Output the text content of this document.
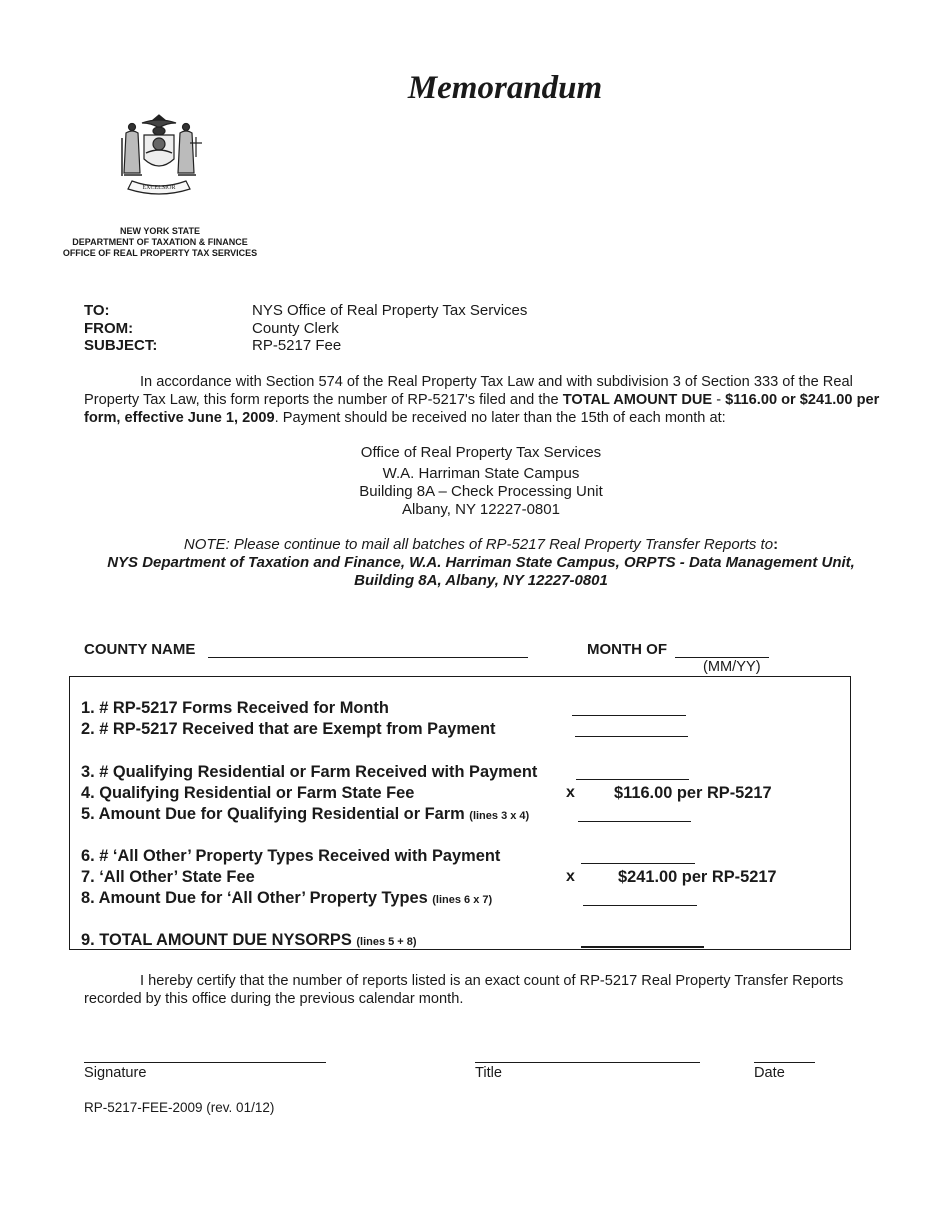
Memorandum
EXCELSIOR
NEW YORK STATE
DEPARTMENT OF TAXATION & FINANCE
OFFICE OF REAL PROPERTY TAX SERVICES
TO:	NYS Office of Real Property Tax Services
FROM:	County Clerk
SUBJECT:	RP-5217 Fee
In accordance with Section 574 of the Real Property Tax Law and with subdivision 3 of Section 333 of the Real Property Tax Law, this form reports the number of RP-5217's filed and the TOTAL AMOUNT DUE - $116.00 or $241.00 per form, effective June 1, 2009. Payment should be received no later than the 15th of each month at:
Office of Real Property Tax Services
W.A. Harriman State Campus
Building 8A – Check Processing Unit
Albany, NY 12227-0801
NOTE: Please continue to mail all batches of RP-5217 Real Property Transfer Reports to:
NYS Department of Taxation and Finance, W.A. Harriman State Campus, ORPTS - Data Management Unit,
Building 8A, Albany, NY 12227-0801
COUNTY NAME	MONTH OF
(MM/YY)
1. # RP-5217 Forms Received for Month
2. # RP-5217 Received that are Exempt from Payment
3. # Qualifying Residential or Farm Received with Payment
4. Qualifying Residential or Farm State Fee	x $116.00 per RP-5217
5. Amount Due for Qualifying Residential or Farm (lines 3 x 4)
6. # ‘All Other’ Property Types Received with Payment
7. ‘All Other’ State Fee	x	$241.00 per RP-5217
8. Amount Due for ‘All Other’ Property Types (lines 6 x 7)
9. TOTAL AMOUNT DUE NYSORPS (lines 5 + 8)
I hereby certify that the number of reports listed is an exact count of RP-5217 Real Property Transfer Reports recorded by this office during the previous calendar month.
Signature	Title	Date
RP-5217-FEE-2009 (rev. 01/12)
